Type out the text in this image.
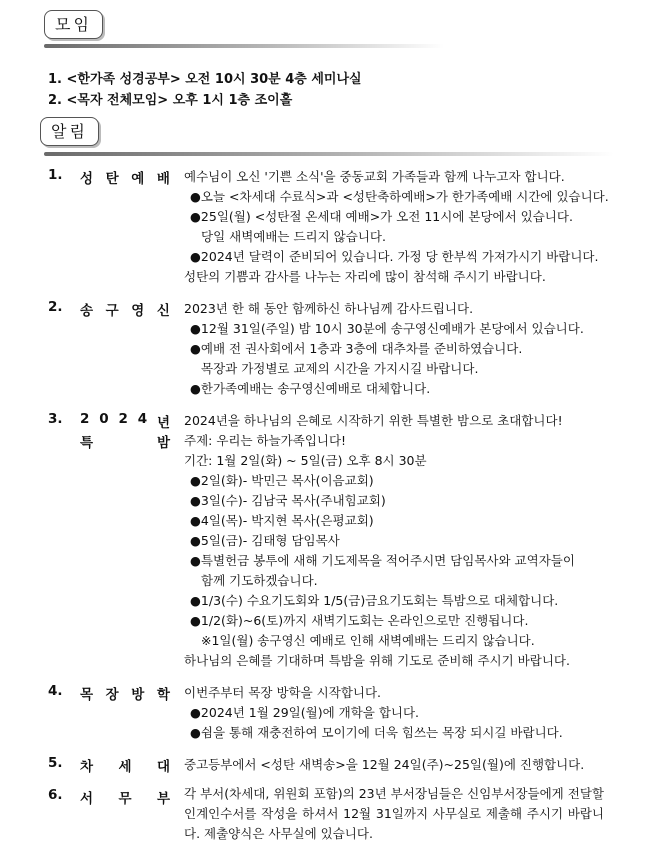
모임
1. <한가족 성경공부> 오전 10시 30분 4층 세미나실
2. <목자 전체모임> 오후 1시 1층 조이홀
알림
1. 성 탄 예 배 예수님이 오신 '기쁜 소식'을 중동교회 가족들과 함께 나누고자 합니다.
●오늘 <차세대 수료식>과 <성탄축하예배>가 한가족예배 시간에 있습니다.
●25일(월) <성탄절 온세대 예배>가 오전 11시에 본당에서 있습니다.
당일 새벽예배는 드리지 않습니다.
●2024년 달력이 준비되어 있습니다. 가정 당 한부씩 가져가시기 바랍니다.
성탄의 기쁨과 감사를 나누는 자리에 많이 참석해 주시기 바랍니다.
2. 송 구 영 신 2023년 한 해 동안 함께하신 하나님께 감사드립니다.
●12월 31일(주일) 밤 10시 30분에 송구영신예배가 본당에서 있습니다.
●예배 전 권사회에서 1층과 3층에 대추차를 준비하였습니다.
목장과 가정별로 교제의 시간을 가지시길 바랍니다.
●한가족예배는 송구영신예배로 대체합니다.
3. 2 0 2 4 년
특	밤
2024년을 하나님의 은혜로 시작하기 위한 특별한 밤으로 초대합니다!
주제: 우리는 하늘가족입니다!
기간: 1월 2일(화) ~ 5일(금) 오후 8시 30분
●2일(화)- 박민근 목사(이음교회)
●3일(수)- 김남국 목사(주내힘교회)
●4일(목)- 박지현 목사(은평교회)
●5일(금)- 김태형 담임목사
●특별헌금 봉투에 새해 기도제목을 적어주시면 담임목사와 교역자들이
함께 기도하겠습니다.
●1/3(수) 수요기도회와 1/5(금)금요기도회는 특밤으로 대체합니다.
●1/2(화)~6(토)까지 새벽기도회는 온라인으로만 진행됩니다.
※1일(월) 송구영신 예배로 인해 새벽예배는 드리지 않습니다.
하나님의 은혜를 기대하며 특밤을 위해 기도로 준비해 주시기 바랍니다.
4. 목 장 방 학 이번주부터 목장 방학을 시작합니다.
●2024년 1월 29일(월)에 개학을 합니다.
●쉼을 통해 재충전하여 모이기에 더욱 힘쓰는 목장 되시길 바랍니다.
5. 차 세 대 중고등부에서 <성탄 새벽송>을 12월 24일(주)~25일(월)에 진행합니다.
6. 서 무 부 각 부서(차세대, 위원회 포함)의 23년 부서장님들은 신임부서장들에게 전달할 인계인수서를 작성을 하셔서 12월 31일까지 사무실로 제출해 주시기 바랍니다. 제출양식은 사무실에 있습니다.
